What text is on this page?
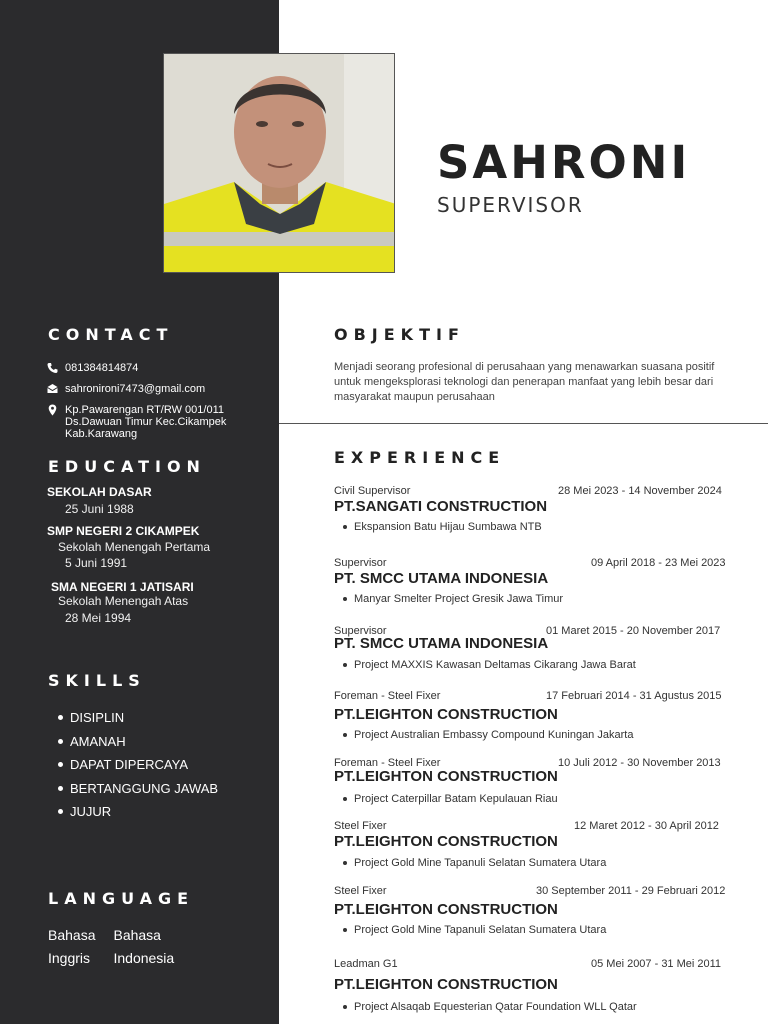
CONTACT
081384814874
sahronironi7473@gmail.com
Kp.Pawarengan RT/RW 001/011
Ds.Dawuan Timur Kec.Cikampek
Kab.Karawang
EDUCATION
SEKOLAH DASAR
25 Juni 1988
SMP NEGERI 2 CIKAMPEK
Sekolah Menengah Pertama
5 Juni 1991
SMA NEGERI 1 JATISARI
Sekolah Menengah Atas
28 Mei 1994
SKILLS
DISIPLIN
AMANAH
DAPAT DIPERCAYA
BERTANGGUNG JAWAB
JUJUR
LANGUAGE
Bahasa
Inggris
Bahasa
Indonesia
SAHRONI
SUPERVISOR
OBJEKTIF
Menjadi seorang profesional di perusahaan yang menawarkan suasana positif untuk mengeksplorasi teknologi dan penerapan manfaat yang lebih besar dari masyarakat maupun perusahaan
EXPERIENCE
Civil Supervisor	28 Mei 2023 - 14 November 2024
PT.SANGATI CONSTRUCTION
Ekspansion Batu Hijau Sumbawa NTB
Supervisor	09 April 2018 - 23 Mei 2023
PT. SMCC UTAMA INDONESIA
Manyar Smelter Project Gresik Jawa Timur
Supervisor	01 Maret 2015 - 20 November 2017
PT. SMCC UTAMA INDONESIA
Project MAXXIS Kawasan Deltamas Cikarang Jawa Barat
Foreman - Steel Fixer	17 Februari 2014 - 31 Agustus 2015
PT.LEIGHTON CONSTRUCTION
Project Australian Embassy Compound Kuningan Jakarta
Foreman - Steel Fixer	10 Juli 2012 - 30 November 2013
PT.LEIGHTON CONSTRUCTION
Project Caterpillar Batam Kepulauan Riau
Steel Fixer	12 Maret 2012 - 30 April 2012
PT.LEIGHTON CONSTRUCTION
Project Gold Mine Tapanuli Selatan Sumatera Utara
Steel Fixer	30 September 2011 - 29 Februari 2012
PT.LEIGHTON CONSTRUCTION
Project Gold Mine Tapanuli Selatan Sumatera Utara
Leadman G1	05 Mei 2007 - 31 Mei 2011
PT.LEIGHTON CONSTRUCTION
Project Alsaqab Equesterian Qatar Foundation WLL Qatar
